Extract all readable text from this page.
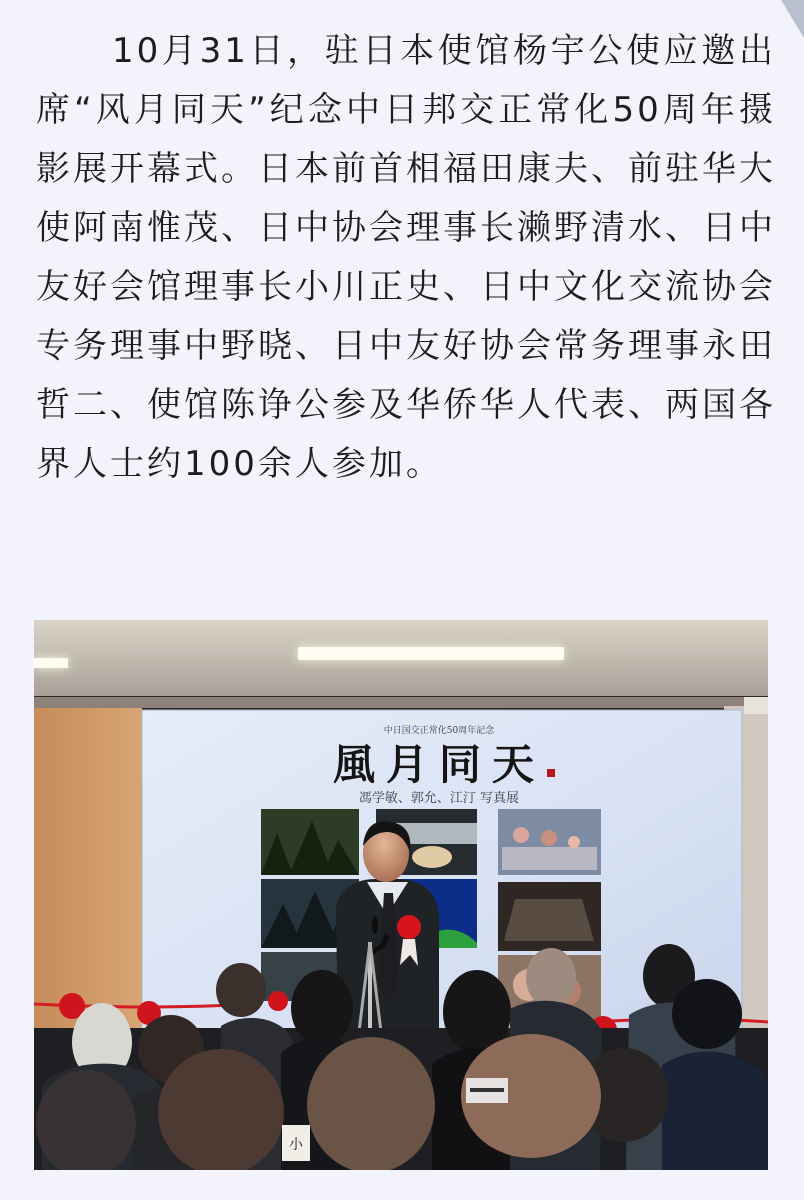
10月31日，驻日本使馆杨宇公使应邀出席“风月同天”纪念中日邦交正常化50周年摄影展开幕式。日本前首相福田康夫、前驻华大使阿南惟茂、日中协会理事长濑野清水、日中友好会馆理事长小川正史、日中文化交流协会专务理事中野晓、日中友好协会常务理事永田哲二、使馆陈诤公参及华侨华人代表、两国各界人士约100余人参加。

中日国交正常化50周年記念
風月同天
馮学敏、郭允、江汀 写真展
小
